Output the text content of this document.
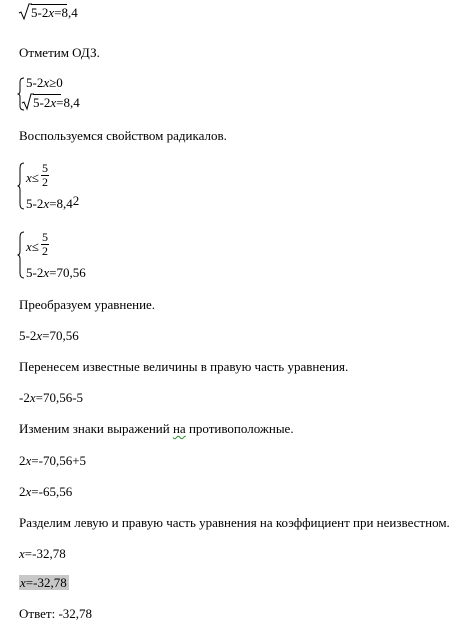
5-2x=8,4
Отметим ОДЗ.
5-2x≥0
5-2x=8,4
Воспользуемся свойством радикалов.
x≤
5
2
5-2x=8,42
x≤
5
2
5-2x=70,56
Преобразуем уравнение.
5-2x=70,56
Перенесем известные величины в правую часть уравнения.
-2x=70,56-5
Изменим знаки выражений на противоположные.
2x=-70,56+5
2x=-65,56
Разделим левую и правую часть уравнения на коэффициент при неизвестном.
x=-32,78
x=-32,78
Ответ: -32,78
